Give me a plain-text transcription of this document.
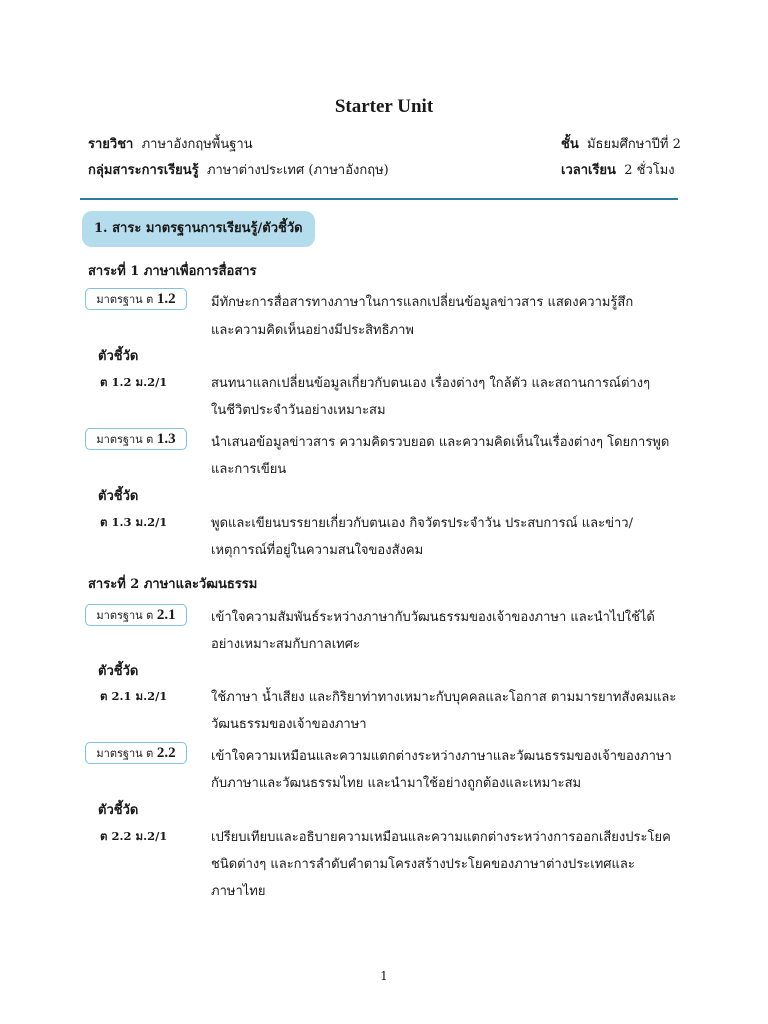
Starter Unit
รายวิชา ภาษาอังกฤษพื้นฐาน	ชั้น มัธยมศึกษาปีที่ 2
กลุ่มสาระการเรียนรู้ ภาษาต่างประเทศ (ภาษาอังกฤษ)	เวลาเรียน 2 ชั่วโมง
1. สาระ มาตรฐานการเรียนรู้/ตัวชี้วัด
สาระที่ 1 ภาษาเพื่อการสื่อสาร
มาตรฐาน ต 1.2	มีทักษะการสื่อสารทางภาษาในการแลกเปลี่ยนข้อมูลข่าวสาร แสดงความรู้สึก
และความคิดเห็นอย่างมีประสิทธิภาพ
ตัวชี้วัด
ต 1.2 ม.2/1	สนทนาแลกเปลี่ยนข้อมูลเกี่ยวกับตนเอง เรื่องต่างๆ ใกล้ตัว และสถานการณ์ต่างๆ
ในชีวิตประจำวันอย่างเหมาะสม
มาตรฐาน ต 1.3	นำเสนอข้อมูลข่าวสาร ความคิดรวบยอด และความคิดเห็นในเรื่องต่างๆ โดยการพูด
และการเขียน
ตัวชี้วัด
ต 1.3 ม.2/1	พูดและเขียนบรรยายเกี่ยวกับตนเอง กิจวัตรประจำวัน ประสบการณ์ และข่าว/
เหตุการณ์ที่อยู่ในความสนใจของสังคม
สาระที่ 2 ภาษาและวัฒนธรรม
มาตรฐาน ต 2.1	เข้าใจความสัมพันธ์ระหว่างภาษากับวัฒนธรรมของเจ้าของภาษา และนำไปใช้ได้
อย่างเหมาะสมกับกาลเทศะ
ตัวชี้วัด
ต 2.1 ม.2/1	ใช้ภาษา น้ำเสียง และกิริยาท่าทางเหมาะกับบุคคลและโอกาส ตามมารยาทสังคมและ
วัฒนธรรมของเจ้าของภาษา
มาตรฐาน ต 2.2	เข้าใจความเหมือนและความแตกต่างระหว่างภาษาและวัฒนธรรมของเจ้าของภาษา
กับภาษาและวัฒนธรรมไทย และนำมาใช้อย่างถูกต้องและเหมาะสม
ตัวชี้วัด
ต 2.2 ม.2/1	เปรียบเทียบและอธิบายความเหมือนและความแตกต่างระหว่างการออกเสียงประโยค
ชนิดต่างๆ และการลำดับคำตามโครงสร้างประโยคของภาษาต่างประเทศและ
ภาษาไทย
1
